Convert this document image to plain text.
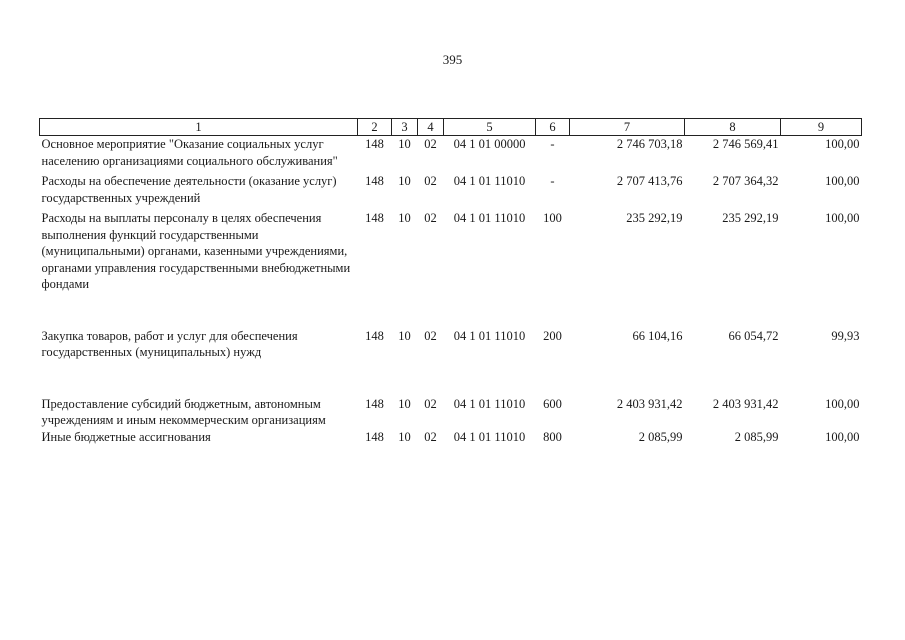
395
1	2	3	4	5	6	7	8	9
Основное мероприятие "Оказание социальных услуг населению организациями социального обслуживания"	148	10	02	04 1 01 00000	-	2 746 703,18	2 746 569,41	100,00
Расходы на обеспечение деятельности (оказание услуг) государственных учреждений	148	10	02	04 1 01 11010	-	2 707 413,76	2 707 364,32	100,00
Расходы на выплаты персоналу в целях обеспечения выполнения функций государственными (муниципальными) органами, казенными учреждениями, органами управления государственными внебюджетными фондами	148	10	02	04 1 01 11010	100	235 292,19	235 292,19	100,00
Закупка товаров, работ и услуг для обеспечения государственных (муниципальных) нужд	148	10	02	04 1 01 11010	200	66 104,16	66 054,72	99,93
Предоставление субсидий бюджетным, автономным учреждениям и иным некоммерческим организациям	148	10	02	04 1 01 11010	600	2 403 931,42	2 403 931,42	100,00
Иные бюджетные ассигнования	148	10	02	04 1 01 11010	800	2 085,99	2 085,99	100,00
